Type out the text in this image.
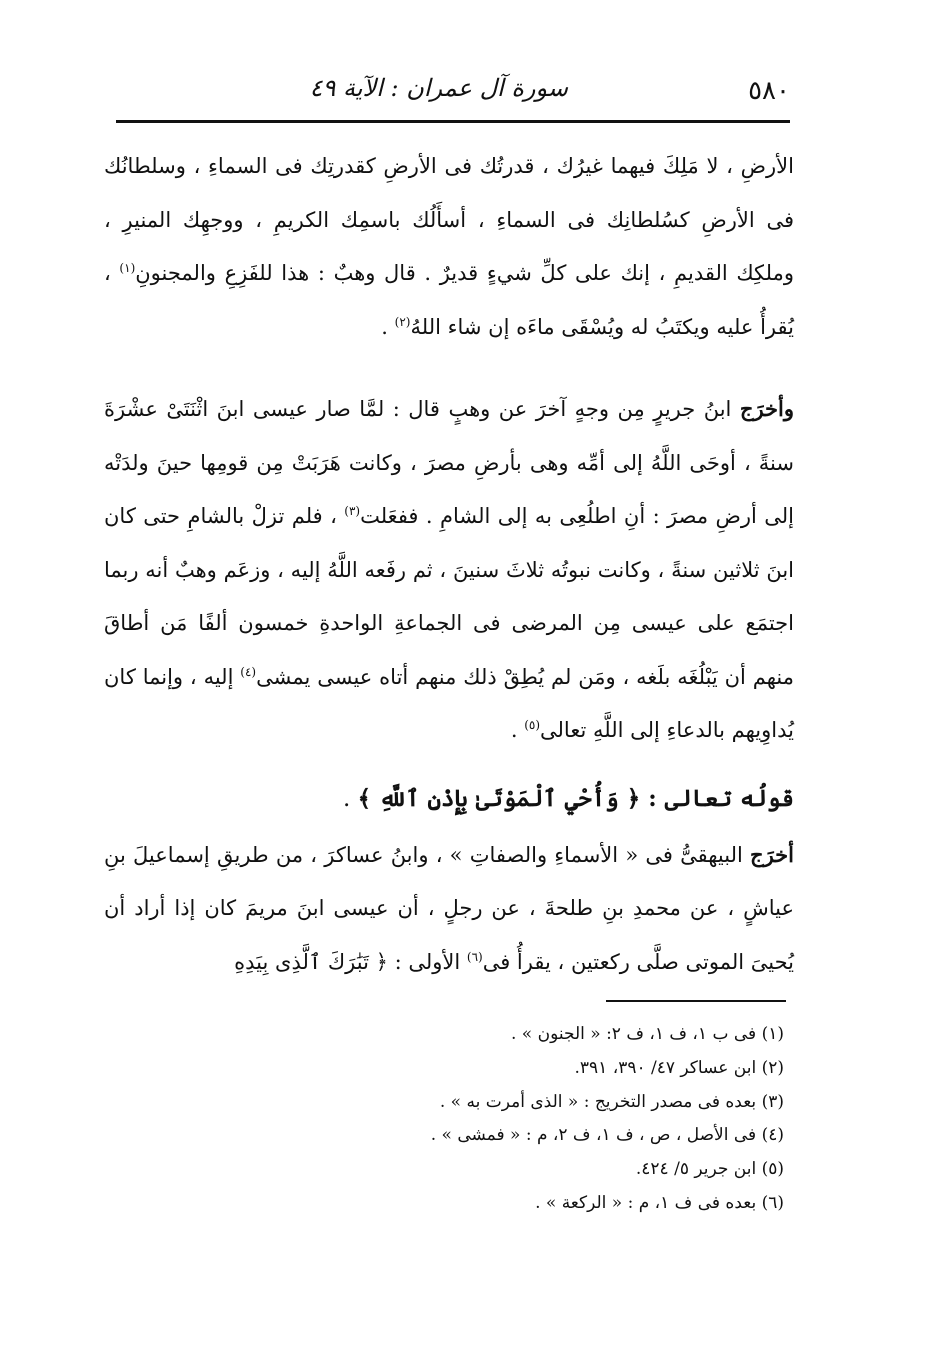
٥٨٠
سورة آل عمران : الآية ٤٩

الأرضِ ، لا مَلِكَ فيهما غيرُك ، قدرتُك فى الأرضِ كقدرتِك فى السماءِ ، وسلطانُك فى الأرضِ كسُلطانِك فى السماءِ ، أسأَلُك باسمِك الكريمِ ، ووجهِك المنيرِ ، وملكِك القديمِ ، إنك على كلِّ شيءٍ قديرٌ . قال وهبٌ : هذا للفَزِعِ والمجنونِ$^{(١)}$ ، يُقرأُ عليه ويكتَبُ له ويُسْقَى ماءَه إن شاء اللهُ$^{(٢)}$ .

وأخرَج ابنُ جريرٍ مِن وجهٍ آخرَ عن وهبٍ قال : لمَّا صار عيسى ابنَ اثْنَتَىْ عشْرَةَ سنةً ، أوحَى اللَّهُ إلى أمِّه وهى بأرضِ مصرَ ، وكانت هَرَبَتْ مِن قومِها حينَ ولدَتْه إلى أرضِ مصرَ : أنِ اطلُعِى به إلى الشامِ . ففعَلت$^{(٣)}$ ، فلم تزلْ بالشامِ حتى كان ابنَ ثلاثين سنةً ، وكانت نبوتُه ثلاثَ سنينَ ، ثم رفَعه اللَّهُ إليه ، وزعَم وهبٌ أنه ربما اجتمَع على عيسى مِن المرضى فى الجماعةِ الواحدةِ خمسون ألفًا مَن أطاقَ منهم أن يَبْلُغَه بلَغه ، ومَن لم يُطِقْ ذلك منهم أتاه عيسى يمشى$^{(٤)}$ إليه ، وإنما كان يُداوِيهم بالدعاءِ إلى اللَّهِ تعالى$^{(٥)}$ .

قولُه تعالى : ﴿ وَأُحْيِ ٱلْمَوْتَىٰ بِإِذْنِ ٱللَّهِ ﴾ .

أخرَج البيهقىُّ فى « الأسماءِ والصفاتِ » ، وابنُ عساكرَ ، من طريقِ إسماعيلَ بنِ عياشٍ ، عن محمدِ بنِ طلحةَ ، عن رجلٍ ، أن عيسى ابنَ مريمَ كان إذا أراد أن يُحيىَ الموتى صلَّى ركعتين ، يقرأُ فى$^{(٦)}$ الأولى : ﴿ تَبَٰرَكَ ٱلَّذِى بِيَدِهِ

(١) فى ب ١، ف ١، ف ٢: « الجنون » .

(٢) ابن عساكر ٤٧/ ٣٩٠، ٣٩١.

(٣) بعده فى مصدر التخريج : « الذى أمرت به » .

(٤) فى الأصل ، ص ، ف ١، ف ٢، م : « فمشى » .

(٥) ابن جرير ٥/ ٤٢٤.

(٦) بعده فى ف ١، م : « الركعة » .
